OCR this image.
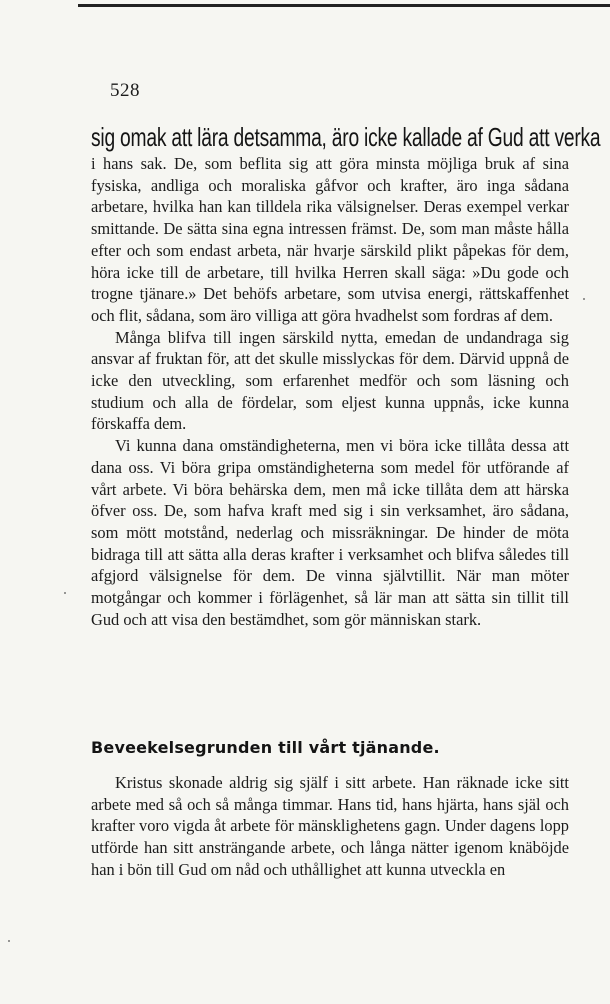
528
sig omak att lära detsamma, äro icke kallade af Gud att verka

i hans sak. De, som beflita sig att göra minsta möjliga bruk af sina fysiska, andliga och moraliska gåfvor och krafter, äro inga sådana arbetare, hvilka han kan tilldela rika välsignelser. Deras exempel verkar smittande. De sätta sina egna intressen främst. De, som man måste hålla efter och som endast arbeta, när hvarje särskild plikt påpekas för dem, höra icke till de arbetare, till hvilka Herren skall säga: »Du gode och trogne tjänare.» Det behöfs arbetare, som utvisa energi, rättskaffenhet och flit, sådana, som äro villiga att göra hvadhelst som fordras af dem.

Många blifva till ingen särskild nytta, emedan de undandraga sig ansvar af fruktan för, att det skulle misslyckas för dem. Därvid uppnå de icke den utveckling, som erfarenhet medför och som läsning och studium och alla de fördelar, som eljest kunna uppnås, icke kunna förskaffa dem.

Vi kunna dana omständigheterna, men vi böra icke tillåta dessa att dana oss. Vi böra gripa omständigheterna som medel för utförande af vårt arbete. Vi böra behärska dem, men må icke tillåta dem att härska öfver oss. De, som hafva kraft med sig i sin verksamhet, äro sådana, som mött motstånd, nederlag och missräkningar. De hinder de möta bidraga till att sätta alla deras krafter i verksamhet och blifva således till afgjord välsignelse för dem. De vinna självtillit. När man möter motgångar och kommer i förlägenhet, så lär man att sätta sin tillit till Gud och att visa den bestämdhet, som gör människan stark.

Beveekelsegrunden till vårt tjänande.

Kristus skonade aldrig sig själf i sitt arbete. Han räknade icke sitt arbete med så och så många timmar. Hans tid, hans hjärta, hans själ och krafter voro vigda åt arbete för mänsklighetens gagn. Under dagens lopp utförde han sitt ansträngande arbete, och långa nätter igenom knäböjde han i bön till Gud om nåd och uthållighet att kunna utveckla en
